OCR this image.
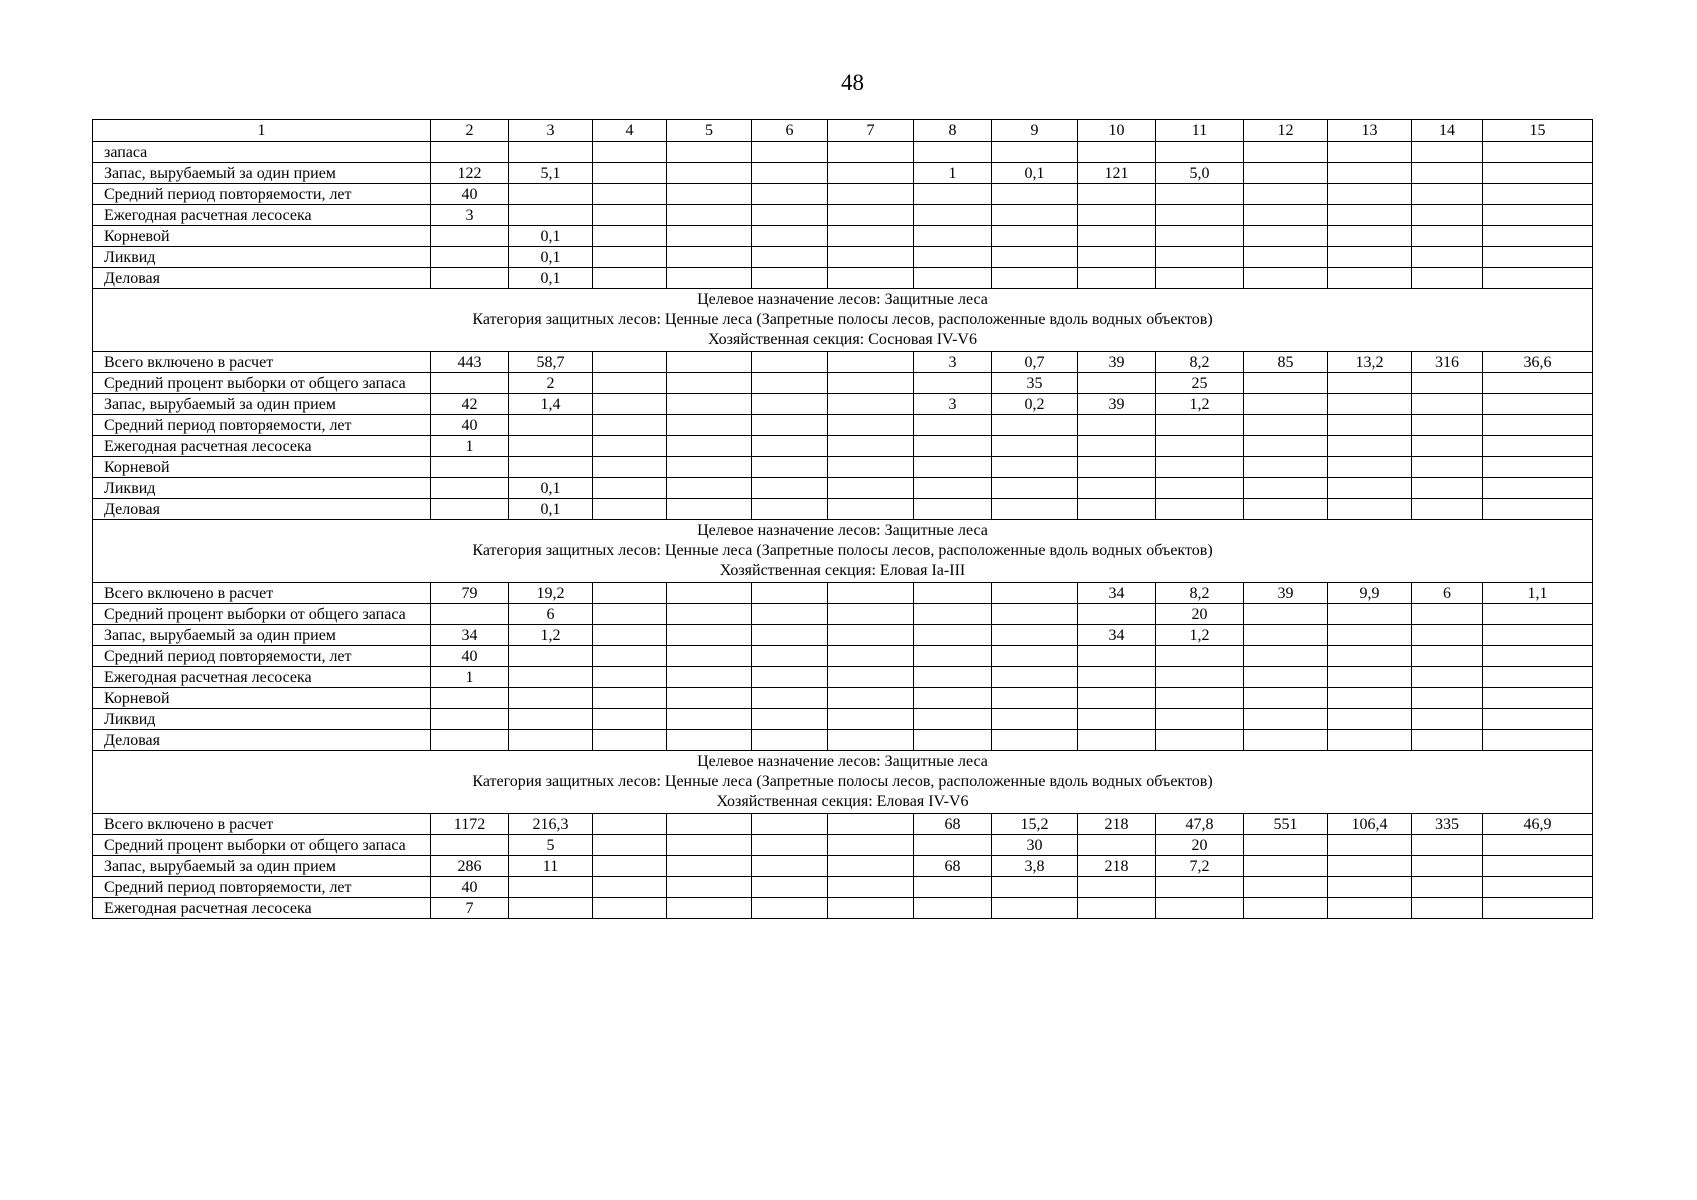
48
1	2	3	4	5	6	7	8	9	10	11	12	13	14	15
запаса														
Запас, вырубаемый за один прием	122	5,1					1	0,1	121	5,0				
Средний период повторяемости, лет	40													
Ежегодная расчетная лесосека	3													
Корневой		0,1												
Ликвид		0,1												
Деловая		0,1												

Целевое назначение лесов: Защитные леса
Категория защитных лесов: Ценные леса (Запретные полосы лесов, расположенные вдоль водных объектов)
Хозяйственная секция: Сосновая IV-V6														

Всего включено в расчет	443	58,7					3	0,7	39	8,2	85	13,2	316	36,6
Средний процент выборки от общего запаса		2						35		25				
Запас, вырубаемый за один прием	42	1,4					3	0,2	39	1,2				
Средний период повторяемости, лет	40													
Ежегодная расчетная лесосека	1													
Корневой														
Ликвид		0,1												
Деловая		0,1												

Целевое назначение лесов: Защитные леса
Категория защитных лесов: Ценные леса (Запретные полосы лесов, расположенные вдоль водных объектов)
Хозяйственная секция: Еловая Ia-III														

Всего включено в расчет	79	19,2							34	8,2	39	9,9	6	1,1
Средний процент выборки от общего запаса		6								20				
Запас, вырубаемый за один прием	34	1,2							34	1,2				
Средний период повторяемости, лет	40													
Ежегодная расчетная лесосека	1													
Корневой														
Ликвид														
Деловая														

Целевое назначение лесов: Защитные леса
Категория защитных лесов: Ценные леса (Запретные полосы лесов, расположенные вдоль водных объектов)
Хозяйственная секция: Еловая IV-V6														

Всего включено в расчет	1172	216,3					68	15,2	218	47,8	551	106,4	335	46,9
Средний процент выборки от общего запаса		5						30		20				
Запас, вырубаемый за один прием	286	11					68	3,8	218	7,2				
Средний период повторяемости, лет	40													
Ежегодная расчетная лесосека	7													
